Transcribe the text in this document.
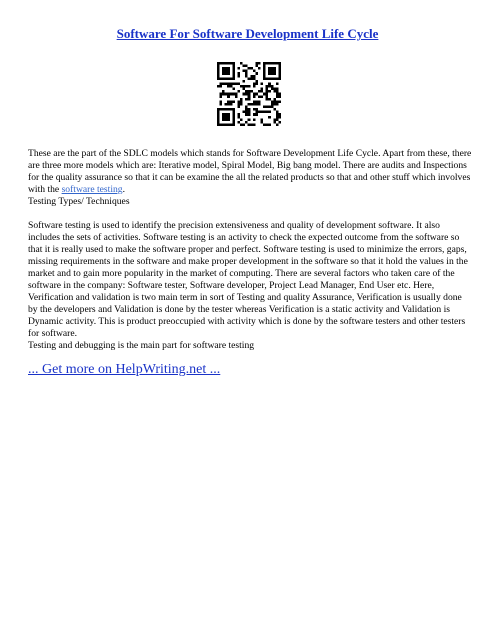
Software For Software Development Life Cycle

These are the part of the SDLC models which stands for Software Development Life Cycle. Apart from these, there are three more models which are: Iterative model, Spiral Model, Big bang model. There are audits and Inspections for the quality assurance so that it can be examine the all the related products so that and other stuff which involves with the software testing.

Testing Types/ Techniques

Software testing is used to identify the precision extensiveness and quality of development software. It also includes the sets of activities. Software testing is an activity to check the expected outcome from the software so that it is really used to make the software proper and perfect. Software testing is used to minimize the errors, gaps, missing requirements in the software and make proper development in the software so that it hold the values in the market and to gain more popularity in the market of computing. There are several factors who taken care of the software in the company: Software tester, Software developer, Project Lead Manager, End User etc. Here, Verification and validation is two main term in sort of Testing and quality Assurance, Verification is usually done by the developers and Validation is done by the tester whereas Verification is a static activity and Validation is Dynamic activity. This is product preoccupied with activity which is done by the software testers and other testers for software.

Testing and debugging is the main part for software testing

... Get more on HelpWriting.net ...
